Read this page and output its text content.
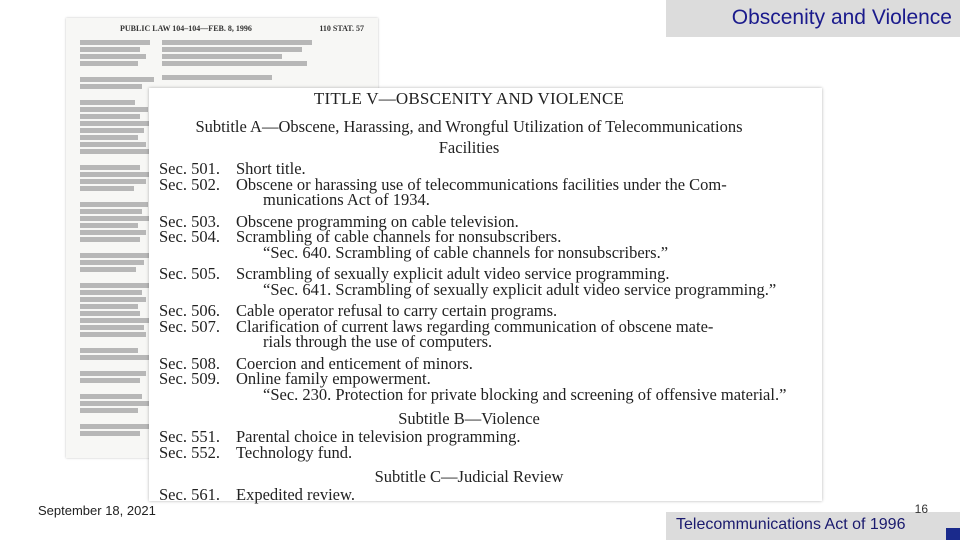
Obscenity and Violence
PUBLIC LAW 104–104—FEB. 8, 1996	110 STAT. 57
TITLE V—OBSCENITY AND VIOLENCE
Subtitle A—Obscene, Harassing, and Wrongful Utilization of Telecommunications
Facilities
Sec. 501. Short title.
Sec. 502. Obscene or harassing use of telecommunications facilities under the Com-
munications Act of 1934.
Sec. 503. Obscene programming on cable television.
Sec. 504. Scrambling of cable channels for nonsubscribers.
“Sec. 640. Scrambling of cable channels for nonsubscribers.”
Sec. 505. Scrambling of sexually explicit adult video service programming.
“Sec. 641. Scrambling of sexually explicit adult video service programming.”
Sec. 506. Cable operator refusal to carry certain programs.
Sec. 507. Clarification of current laws regarding communication of obscene mate-
rials through the use of computers.
Sec. 508. Coercion and enticement of minors.
Sec. 509. Online family empowerment.
“Sec. 230. Protection for private blocking and screening of offensive material.”
Subtitle B—Violence
Sec. 551. Parental choice in television programming.
Sec. 552. Technology fund.
Subtitle C—Judicial Review
Sec. 561. Expedited review.
September 18, 2021	16
Telecommunications Act of 1996
